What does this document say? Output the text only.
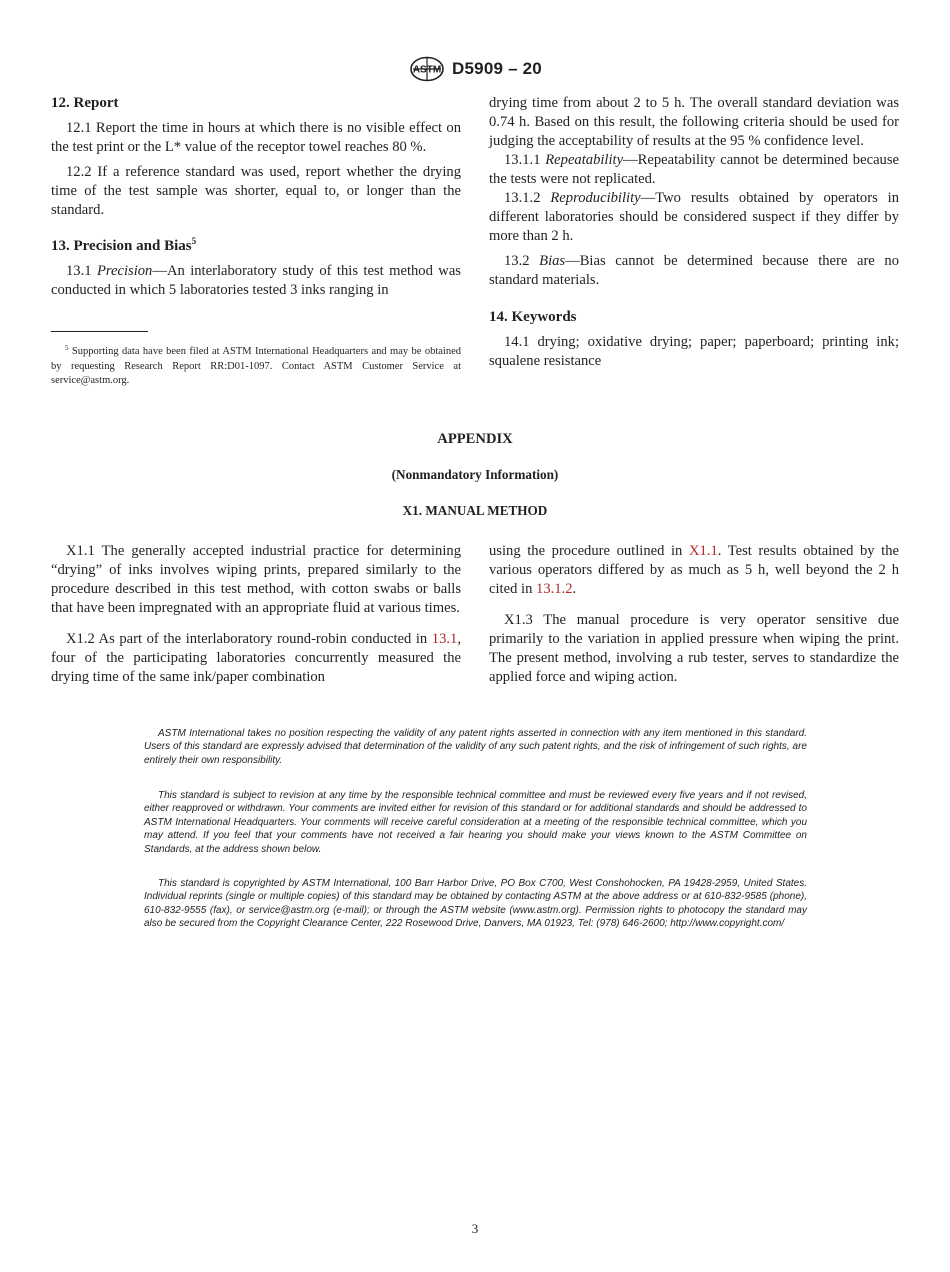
ASTM D5909 – 20
12. Report

12.1 Report the time in hours at which there is no visible effect on the test print or the L* value of the receptor towel reaches 80 %.

12.2 If a reference standard was used, report whether the drying time of the test sample was shorter, equal to, or longer than the standard.

13. Precision and Bias$^5$

13.1 Precision—An interlaboratory study of this test method was conducted in which 5 laboratories tested 3 inks ranging in

$^5$ Supporting data have been filed at ASTM International Headquarters and may be obtained by requesting Research Report RR:D01-1097. Contact ASTM Customer Service at service@astm.org.

drying time from about 2 to 5 h. The overall standard deviation was 0.74 h. Based on this result, the following criteria should be used for judging the acceptability of results at the 95 % confidence level.

13.1.1 Repeatability—Repeatability cannot be determined because the tests were not replicated.

13.1.2 Reproducibility—Two results obtained by operators in different laboratories should be considered suspect if they differ by more than 2 h.

13.2 Bias—Bias cannot be determined because there are no standard materials.

14. Keywords

14.1 drying; oxidative drying; paper; paperboard; printing ink; squalene resistance

APPENDIX
(Nonmandatory Information)
X1. MANUAL METHOD

X1.1 The generally accepted industrial practice for determining “drying” of inks involves wiping prints, prepared similarly to the procedure described in this test method, with cotton swabs or balls that have been impregnated with an appropriate fluid at various times.

X1.2 As part of the interlaboratory round-robin conducted in 13.1, four of the participating laboratories concurrently measured the drying time of the same ink/paper combination

using the procedure outlined in X1.1. Test results obtained by the various operators differed by as much as 5 h, well beyond the 2 h cited in 13.1.2.

X1.3 The manual procedure is very operator sensitive due primarily to the variation in applied pressure when wiping the print. The present method, involving a rub tester, serves to standardize the applied force and wiping action.

ASTM International takes no position respecting the validity of any patent rights asserted in connection with any item mentioned in this standard. Users of this standard are expressly advised that determination of the validity of any such patent rights, and the risk of infringement of such rights, are entirely their own responsibility.

This standard is subject to revision at any time by the responsible technical committee and must be reviewed every five years and if not revised, either reapproved or withdrawn. Your comments are invited either for revision of this standard or for additional standards and should be addressed to ASTM International Headquarters. Your comments will receive careful consideration at a meeting of the responsible technical committee, which you may attend. If you feel that your comments have not received a fair hearing you should make your views known to the ASTM Committee on Standards, at the address shown below.

This standard is copyrighted by ASTM International, 100 Barr Harbor Drive, PO Box C700, West Conshohocken, PA 19428-2959, United States. Individual reprints (single or multiple copies) of this standard may be obtained by contacting ASTM at the above address or at 610-832-9585 (phone), 610-832-9555 (fax), or service@astm.org (e-mail); or through the ASTM website (www.astm.org). Permission rights to photocopy the standard may also be secured from the Copyright Clearance Center, 222 Rosewood Drive, Danvers, MA 01923, Tel: (978) 646-2600; http://www.copyright.com/

3
